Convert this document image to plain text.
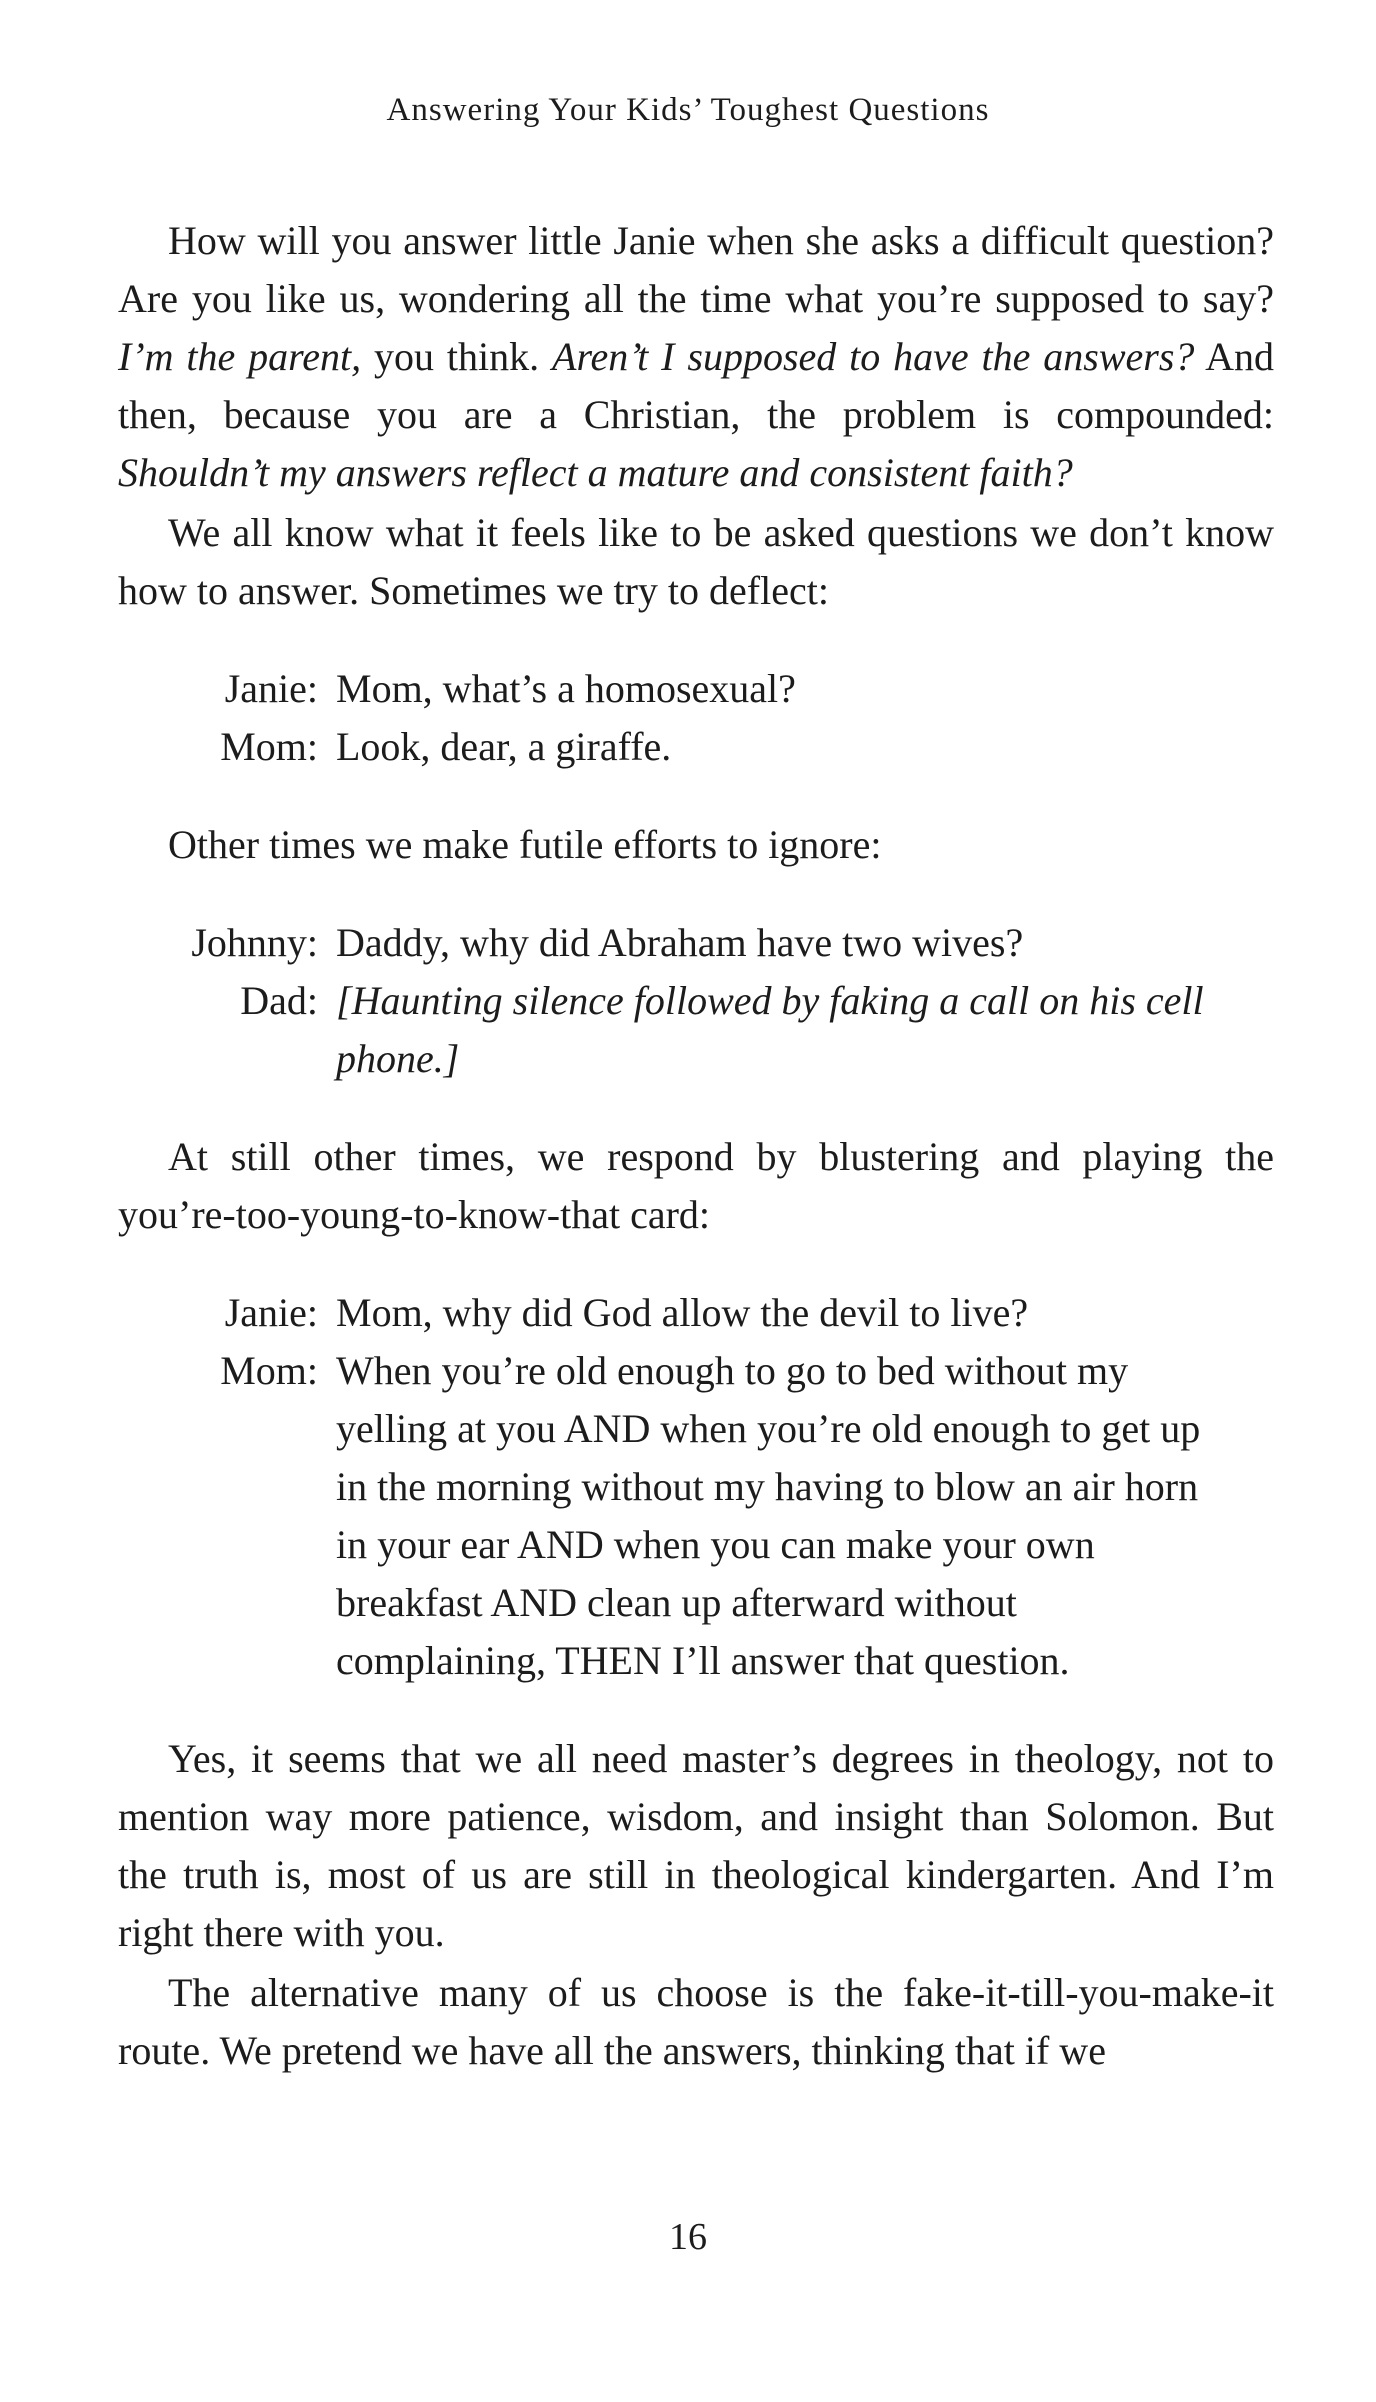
Answering Your Kids’ Toughest Questions

How will you answer little Janie when she asks a difficult question? Are you like us, wondering all the time what you’re supposed to say? I’m the parent, you think. Aren’t I supposed to have the answers? And then, because you are a Christian, the problem is compounded: Shouldn’t my answers reflect a mature and consistent faith?

We all know what it feels like to be asked questions we don’t know how to answer. Sometimes we try to deflect:

Janie: Mom, what’s a homosexual?
Mom: Look, dear, a giraffe.

Other times we make futile efforts to ignore:

Johnny: Daddy, why did Abraham have two wives?
Dad: [Haunting silence followed by faking a call on his cell phone.]

At still other times, we respond by blustering and playing the you’re-too-young-to-know-that card:

Janie: Mom, why did God allow the devil to live?
Mom: When you’re old enough to go to bed without my yelling at you AND when you’re old enough to get up in the morning without my having to blow an air horn in your ear AND when you can make your own breakfast AND clean up afterward without complaining, THEN I’ll answer that question.

Yes, it seems that we all need master’s degrees in theology, not to mention way more patience, wisdom, and insight than Solomon. But the truth is, most of us are still in theological kindergarten. And I’m right there with you.

The alternative many of us choose is the fake-it-till-you-make-it route. We pretend we have all the answers, thinking that if we

16
